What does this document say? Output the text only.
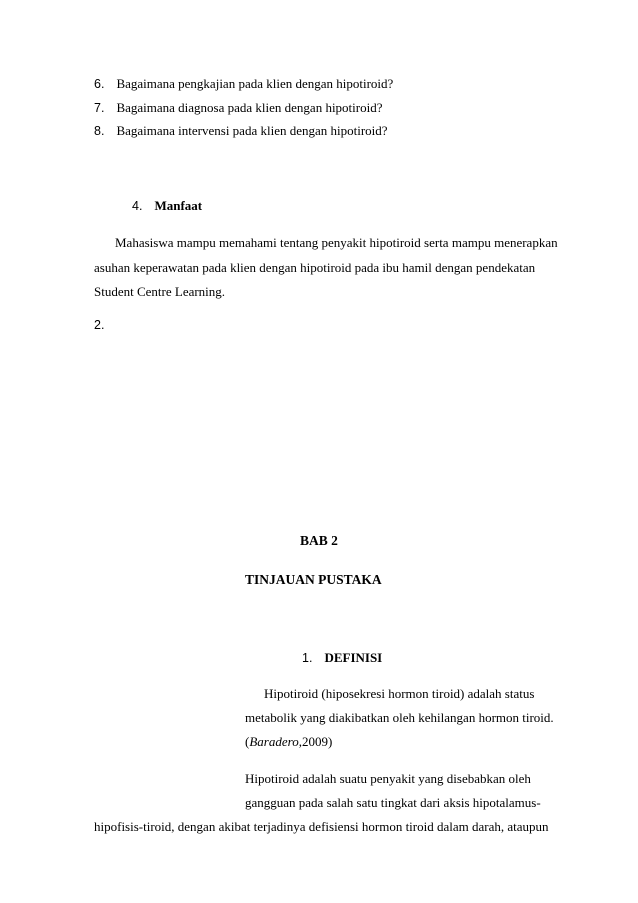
6. Bagaimana pengkajian pada klien dengan hipotiroid?
7. Bagaimana diagnosa pada klien dengan hipotiroid?
8. Bagaimana intervensi pada klien dengan hipotiroid?
4. Manfaat
Mahasiswa mampu memahami tentang penyakit hipotiroid serta mampu menerapkan
asuhan keperawatan pada klien dengan hipotiroid pada ibu hamil dengan pendekatan
Student Centre Learning.
2.
BAB 2
TINJAUAN PUSTAKA
1. DEFINISI
Hipotiroid (hiposekresi hormon tiroid) adalah status
metabolik yang diakibatkan oleh kehilangan hormon tiroid.
(Baradero,2009)
Hipotiroid adalah suatu penyakit yang disebabkan oleh
gangguan pada salah satu tingkat dari aksis hipotalamus-
hipofisis-tiroid, dengan akibat terjadinya defisiensi hormon tiroid dalam darah, ataupun
